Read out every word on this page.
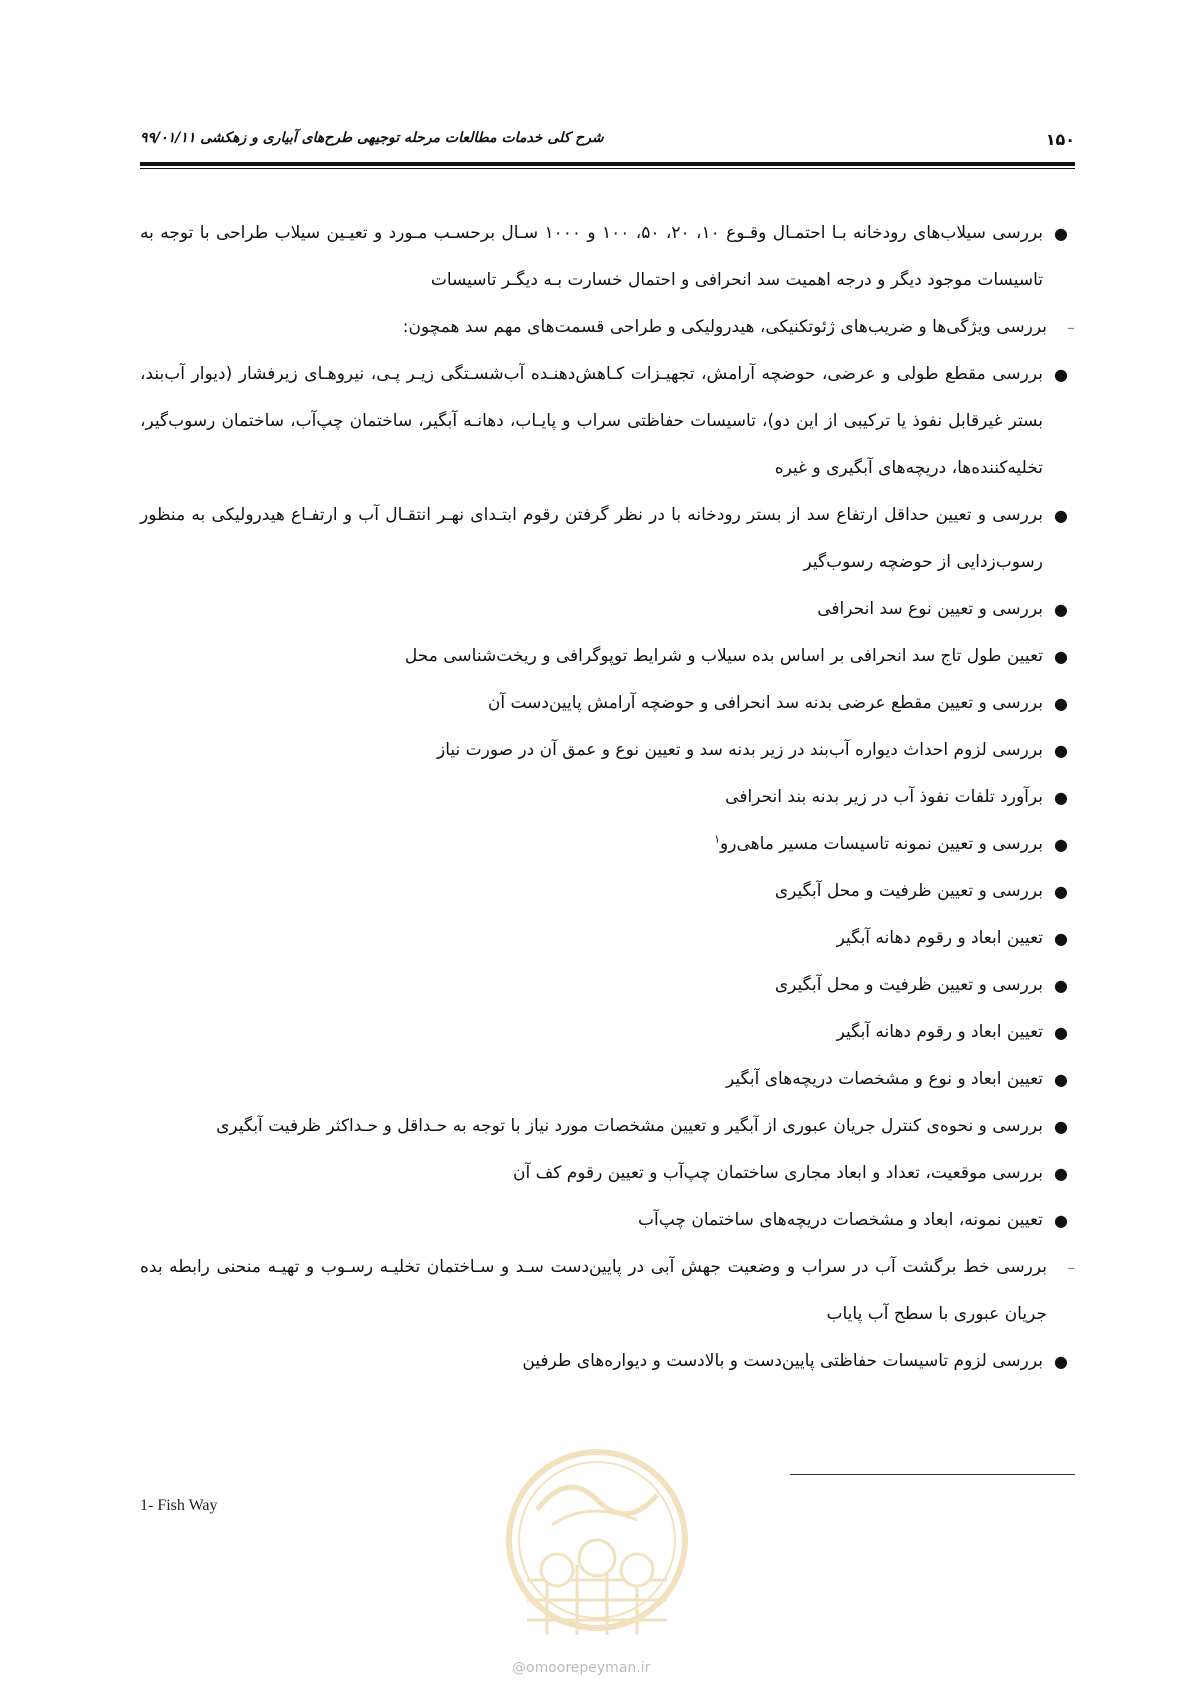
۱۵۰
شرح کلی خدمات مطالعات مرحله توجیهی طرح‌های آبیاری و زهکشی ۹۹/۰۱/۱۱
●
بررسی سیلاب‌های رودخانه بـا احتمـال وقـوع ۱۰، ۲۰، ۵۰، ۱۰۰ و ۱۰۰۰ سـال برحسـب مـورد و تعیـین سیلاب طراحی با توجه به تاسیسات موجود دیگر و درجه اهمیت سد انحرافی و احتمال خسارت بـه دیگـر تاسیسات
–
بررسی ویژگی‌ها و ضریب‌های ژئوتکنیکی، هیدرولیکی و طراحی قسمت‌های مهم سد همچون:
●
بررسی مقطع طولی و عرضی، حوضچه آرامش، تجهیـزات کـاهش‌دهنـده آب‌شسـتگی زیـر پـی، نیروهـای زیرفشار (دیوار آب‌بند، بستر غیرقابل نفوذ یا ترکیبی از این دو)، تاسیسات حفاظتی سراب و پایـاب، دهانـه آبگیر، ساختمان چپ‌آب، ساختمان رسوب‌گیر، تخلیه‌کننده‌ها، دریچه‌های آبگیری و غیره
●
بررسی و تعیین حداقل ارتفاع سد از بستر رودخانه با در نظر گرفتن رقوم ابتـدای نهـر انتقـال آب و ارتفـاع هیدرولیکی به منظور رسوب‌زدایی از حوضچه رسوب‌گیر
●
بررسی و تعیین نوع سد انحرافی
●
تعیین طول تاج سد انحرافی بر اساس بده سیلاب و شرایط توپوگرافی و ریخت‌شناسی محل
●
بررسی و تعیین مقطع عرضی بدنه سد انحرافی و حوضچه آرامش پایین‌دست آن
●
بررسی لزوم احداث دیواره آب‌بند در زیر بدنه سد و تعیین نوع و عمق آن در صورت نیاز
●
برآورد تلفات نفوذ آب در زیر بدنه بند انحرافی
●
بررسی و تعیین نمونه تاسیسات مسیر ماهی‌رو$^۱$
●
بررسی و تعیین ظرفیت و محل آبگیری
●
تعیین ابعاد و رقوم دهانه آبگیر
●
بررسی و تعیین ظرفیت و محل آبگیری
●
تعیین ابعاد و رقوم دهانه آبگیر
●
تعیین ابعاد و نوع و مشخصات دریچه‌های آبگیر
●
بررسی و نحوه‌ی کنترل جریان عبوری از آبگیر و تعیین مشخصات مورد نیاز با توجه به حـداقل و حـداکثر ظرفیت آبگیری
●
بررسی موقعیت، تعداد و ابعاد مجاری ساختمان چپ‌آب و تعیین رقوم کف آن
●
تعیین نمونه، ابعاد و مشخصات دریچه‌های ساختمان چپ‌آب
–
بررسی خط برگشت آب در سراب و وضعیت جهش آبی در پایین‌دست سـد و سـاختمان تخلیـه رسـوب و تهیـه منحنی رابطه بده جریان عبوری با سطح آب پایاب
●
بررسی لزوم تاسیسات حفاظتی پایین‌دست و بالادست و دیواره‌های طرفین
1- Fish Way
@omoorepeyman.ir
